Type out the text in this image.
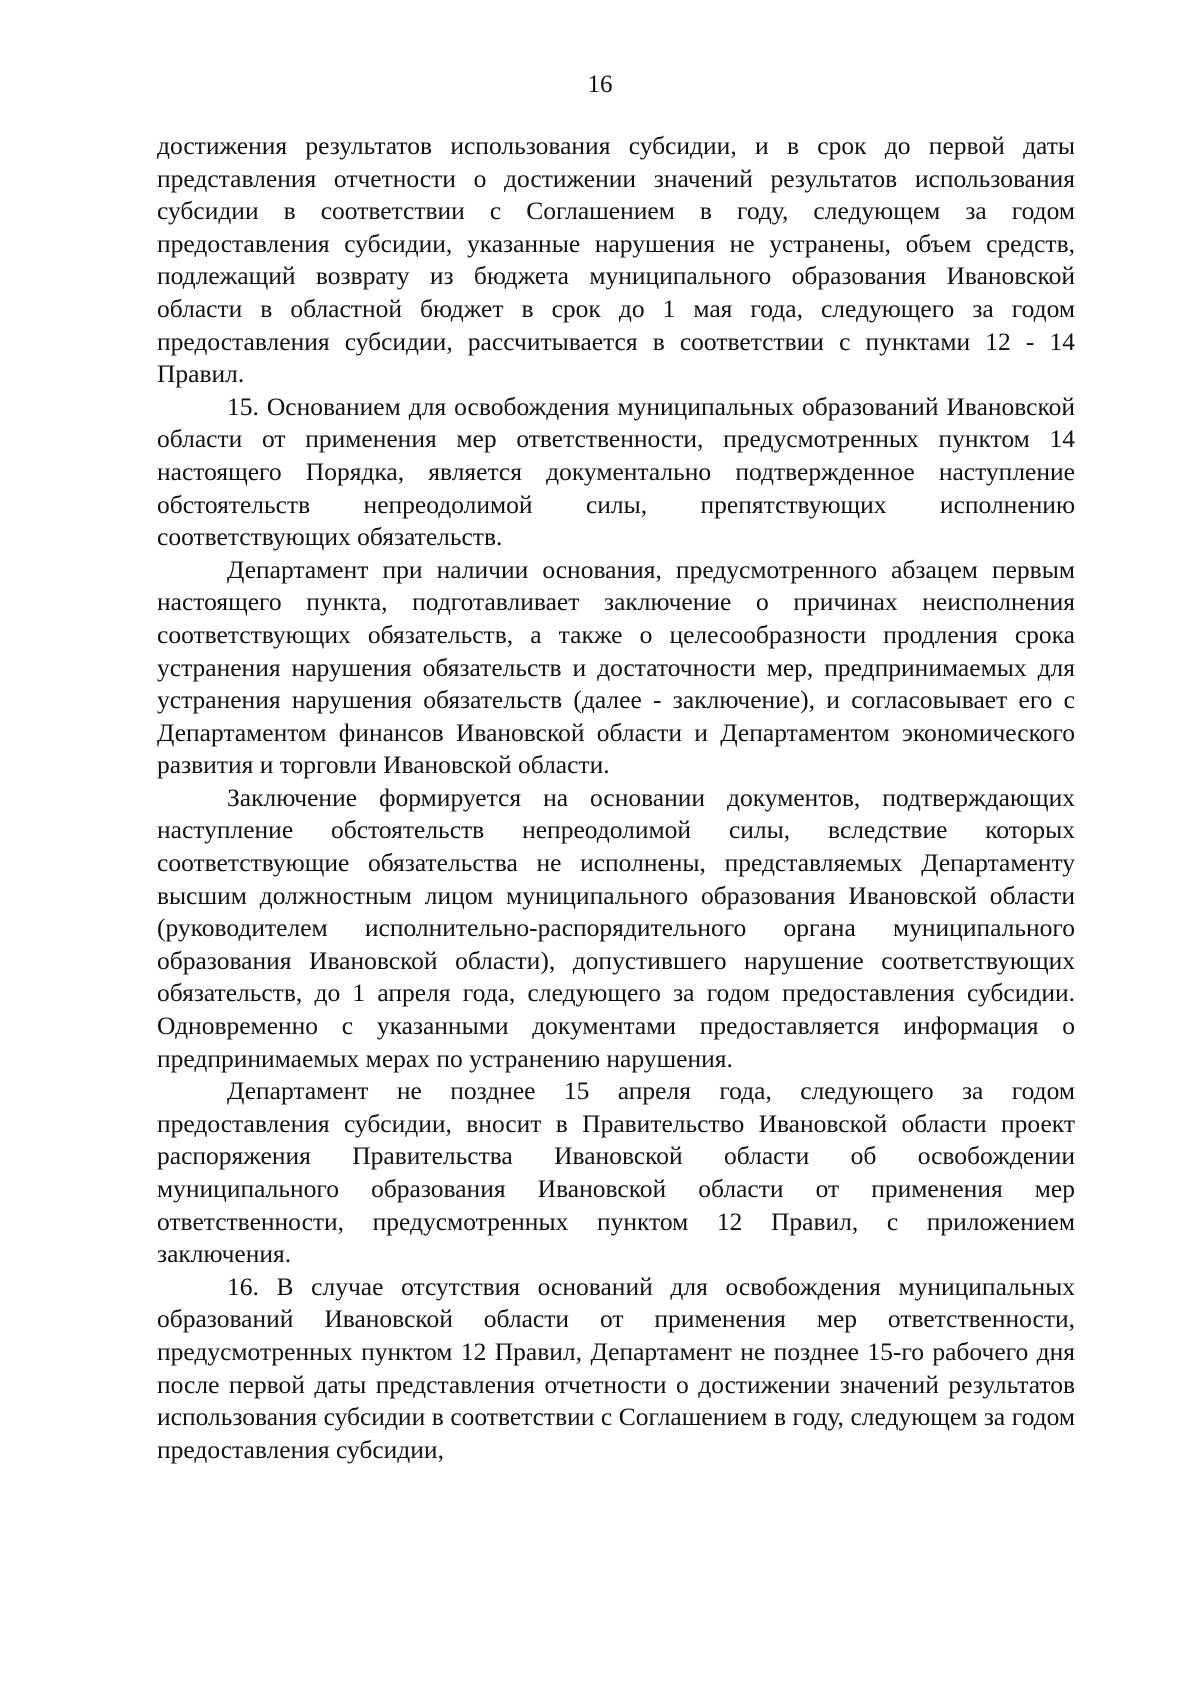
16

достижения результатов использования субсидии, и в срок до первой даты представления отчетности о достижении значений результатов использования субсидии в соответствии с Соглашением в году, следующем за годом предоставления субсидии, указанные нарушения не устранены, объем средств, подлежащий возврату из бюджета муниципального образования Ивановской области в областной бюджет в срок до 1 мая года, следующего за годом предоставления субсидии, рассчитывается в соответствии с пунктами 12 - 14 Правил.

15. Основанием для освобождения муниципальных образований Ивановской области от применения мер ответственности, предусмотренных пунктом 14 настоящего Порядка, является документально подтвержденное наступление обстоятельств непреодолимой силы, препятствующих исполнению соответствующих обязательств.

Департамент при наличии основания, предусмотренного абзацем первым настоящего пункта, подготавливает заключение о причинах неисполнения соответствующих обязательств, а также о целесообразности продления срока устранения нарушения обязательств и достаточности мер, предпринимаемых для устранения нарушения обязательств (далее - заключение), и согласовывает его с Департаментом финансов Ивановской области и Департаментом экономического развития и торговли Ивановской области.

Заключение формируется на основании документов, подтверждающих наступление обстоятельств непреодолимой силы, вследствие которых соответствующие обязательства не исполнены, представляемых Департаменту высшим должностным лицом муниципального образования Ивановской области (руководителем исполнительно-распорядительного органа муниципального образования Ивановской области), допустившего нарушение соответствующих обязательств, до 1 апреля года, следующего за годом предоставления субсидии. Одновременно с указанными документами предоставляется информация о предпринимаемых мерах по устранению нарушения.

Департамент не позднее 15 апреля года, следующего за годом предоставления субсидии, вносит в Правительство Ивановской области проект распоряжения Правительства Ивановской области об освобождении муниципального образования Ивановской области от применения мер ответственности, предусмотренных пунктом 12 Правил, с приложением заключения.

16. В случае отсутствия оснований для освобождения муниципальных образований Ивановской области от применения мер ответственности, предусмотренных пунктом 12 Правил, Департамент не позднее 15-го рабочего дня после первой даты представления отчетности о достижении значений результатов использования субсидии в соответствии с Соглашением в году, следующем за годом предоставления субсидии,
